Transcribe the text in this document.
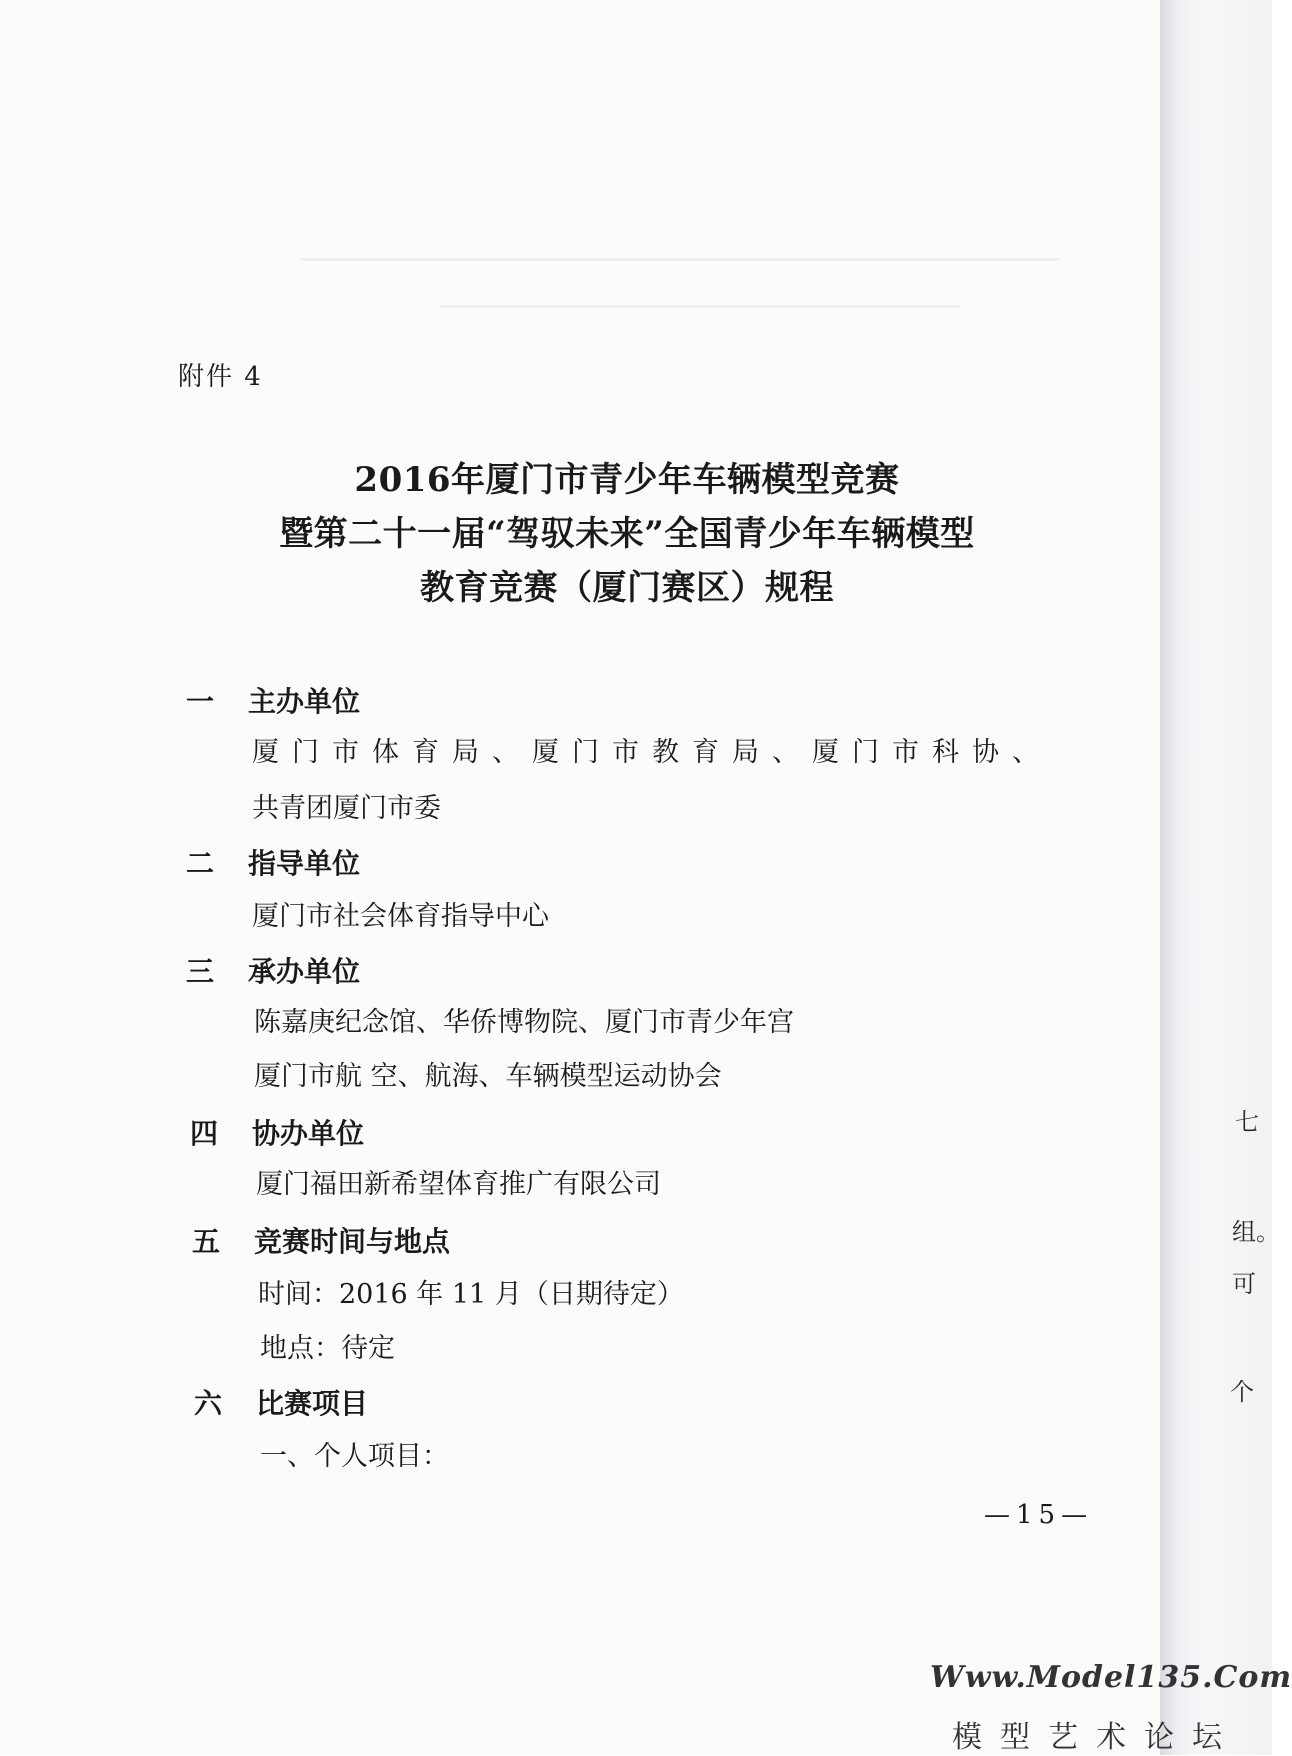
附件 4
2016年厦门市青少年车辆模型竞赛
暨第二十一届“驾驭未来”全国青少年车辆模型
教育竞赛（厦门赛区）规程
一 主办单位
厦门市体育局、厦门市教育局、厦门市科协、
共青团厦门市委
二 指导单位
厦门市社会体育指导中心
三 承办单位
陈嘉庚纪念馆、华侨博物院、厦门市青少年宫
厦门市航 空、航海、车辆模型运动协会
四 协办单位
厦门福田新希望体育推广有限公司
五 竞赛时间与地点
时间：2016 年 11 月（日期待定）
地点：待定
六 比赛项目
一、个人项目：
—15—
七
组。
可
个
Www.Model135.Com
模型艺术论坛
